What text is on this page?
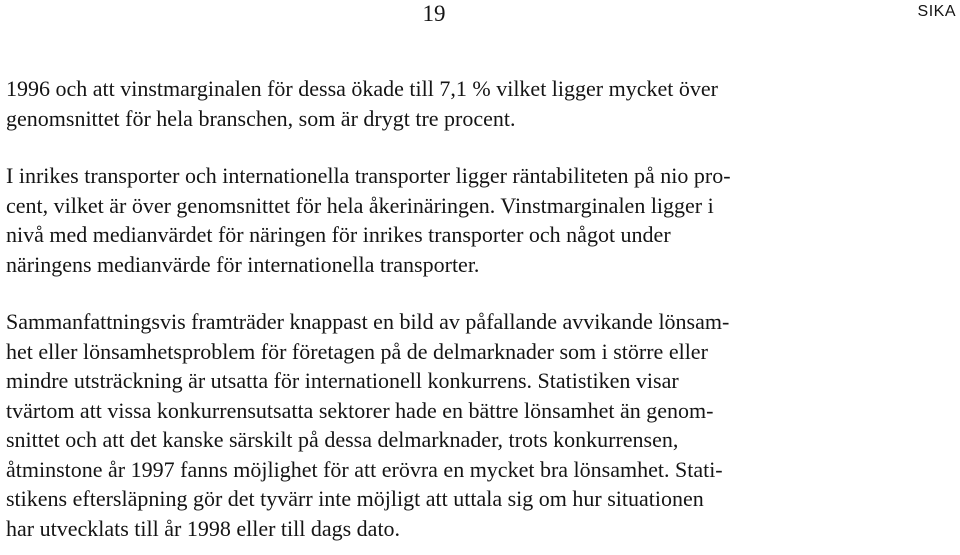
19	SIKA
1996 och att vinstmarginalen för dessa ökade till 7,1 % vilket ligger mycket över
genomsnittet för hela branschen, som är drygt tre procent.
I inrikes transporter och internationella transporter ligger räntabiliteten på nio pro-
cent, vilket är över genomsnittet för hela åkerinäringen. Vinstmarginalen ligger i
nivå med medianvärdet för näringen för inrikes transporter och något under
näringens medianvärde för internationella transporter.
Sammanfattningsvis framträder knappast en bild av påfallande avvikande lönsam-
het eller lönsamhetsproblem för företagen på de delmarknader som i större eller
mindre utsträckning är utsatta för internationell konkurrens. Statistiken visar
tvärtom att vissa konkurrensutsatta sektorer hade en bättre lönsamhet än genom-
snittet och att det kanske särskilt på dessa delmarknader, trots konkurrensen,
åtminstone år 1997 fanns möjlighet för att erövra en mycket bra lönsamhet. Stati-
stikens eftersläpning gör det tyvärr inte möjligt att uttala sig om hur situationen
har utvecklats till år 1998 eller till dags dato.
